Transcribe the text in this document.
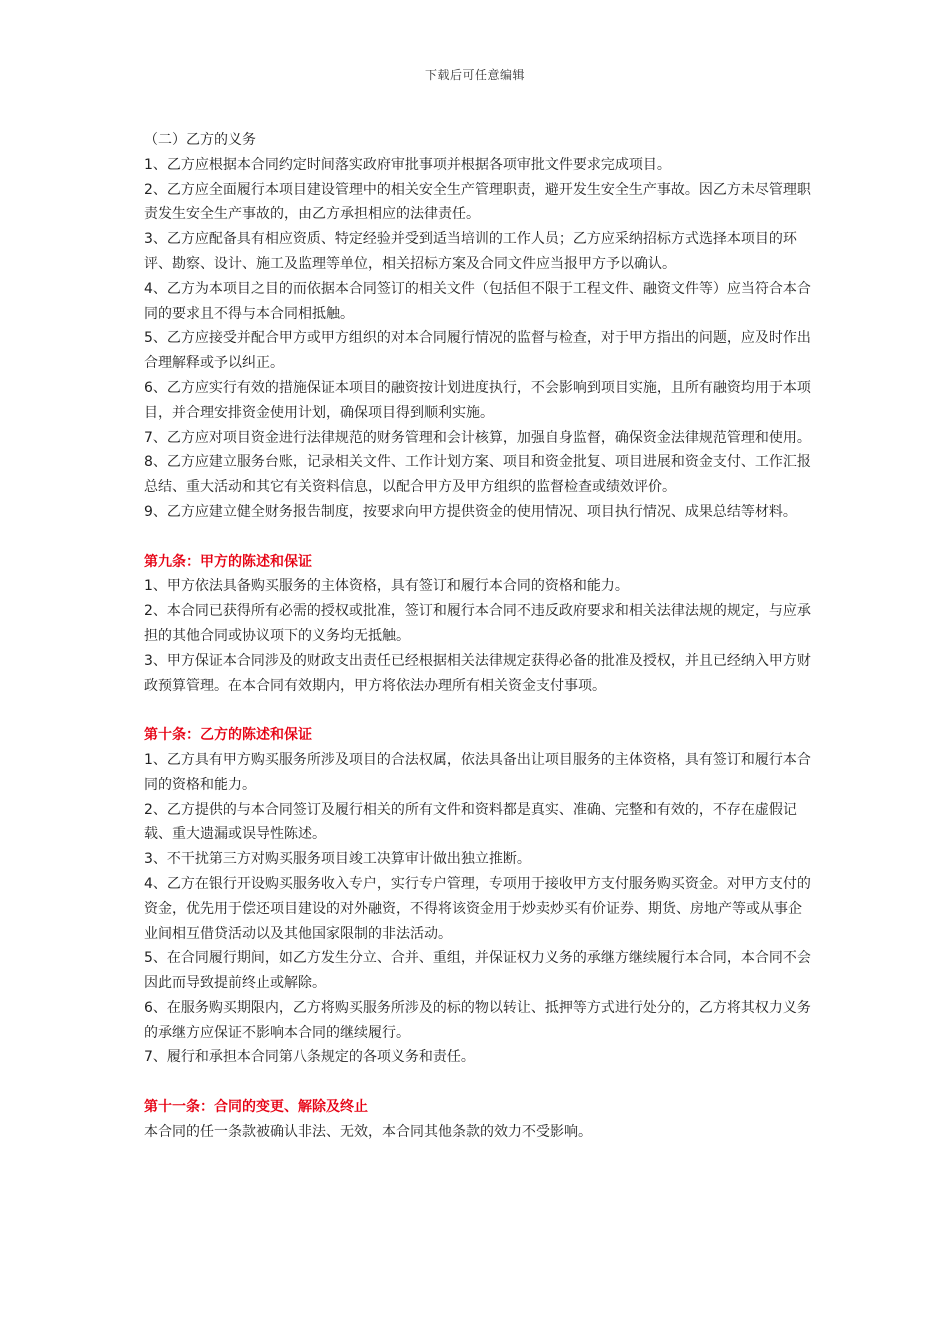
下载后可任意编辑

（二）乙方的义务

1、乙方应根据本合同约定时间落实政府审批事项并根据各项审批文件要求完成项目。

2、乙方应全面履行本项目建设管理中的相关安全生产管理职责，避开发生安全生产事故。因乙方未尽管理职责发生安全生产事故的，由乙方承担相应的法律责任。

3、乙方应配备具有相应资质、特定经验并受到适当培训的工作人员；乙方应采纳招标方式选择本项目的环评、勘察、设计、施工及监理等单位，相关招标方案及合同文件应当报甲方予以确认。

4、乙方为本项目之目的而依据本合同签订的相关文件（包括但不限于工程文件、融资文件等）应当符合本合同的要求且不得与本合同相抵触。

5、乙方应接受并配合甲方或甲方组织的对本合同履行情况的监督与检查，对于甲方指出的问题，应及时作出合理解释或予以纠正。

6、乙方应实行有效的措施保证本项目的融资按计划进度执行，不会影响到项目实施，且所有融资均用于本项目，并合理安排资金使用计划，确保项目得到顺利实施。

7、乙方应对项目资金进行法律规范的财务管理和会计核算，加强自身监督，确保资金法律规范管理和使用。

8、乙方应建立服务台账，记录相关文件、工作计划方案、项目和资金批复、项目进展和资金支付、工作汇报总结、重大活动和其它有关资料信息，以配合甲方及甲方组织的监督检查或绩效评价。

9、乙方应建立健全财务报告制度，按要求向甲方提供资金的使用情况、项目执行情况、成果总结等材料。

第九条：甲方的陈述和保证

1、甲方依法具备购买服务的主体资格，具有签订和履行本合同的资格和能力。

2、本合同已获得所有必需的授权或批准，签订和履行本合同不违反政府要求和相关法律法规的规定，与应承担的其他合同或协议项下的义务均无抵触。

3、甲方保证本合同涉及的财政支出责任已经根据相关法律规定获得必备的批准及授权，并且已经纳入甲方财政预算管理。在本合同有效期内，甲方将依法办理所有相关资金支付事项。

第十条：乙方的陈述和保证

1、乙方具有甲方购买服务所涉及项目的合法权属，依法具备出让项目服务的主体资格，具有签订和履行本合同的资格和能力。

2、乙方提供的与本合同签订及履行相关的所有文件和资料都是真实、准确、完整和有效的，不存在虚假记载、重大遗漏或误导性陈述。

3、不干扰第三方对购买服务项目竣工决算审计做出独立推断。

4、乙方在银行开设购买服务收入专户，实行专户管理，专项用于接收甲方支付服务购买资金。对甲方支付的资金，优先用于偿还项目建设的对外融资，不得将该资金用于炒卖炒买有价证券、期货、房地产等或从事企业间相互借贷活动以及其他国家限制的非法活动。

5、在合同履行期间，如乙方发生分立、合并、重组，并保证权力义务的承继方继续履行本合同，本合同不会因此而导致提前终止或解除。

6、在服务购买期限内，乙方将购买服务所涉及的标的物以转让、抵押等方式进行处分的，乙方将其权力义务的承继方应保证不影响本合同的继续履行。

7、履行和承担本合同第八条规定的各项义务和责任。

第十一条：合同的变更、解除及终止

本合同的任一条款被确认非法、无效，本合同其他条款的效力不受影响。
